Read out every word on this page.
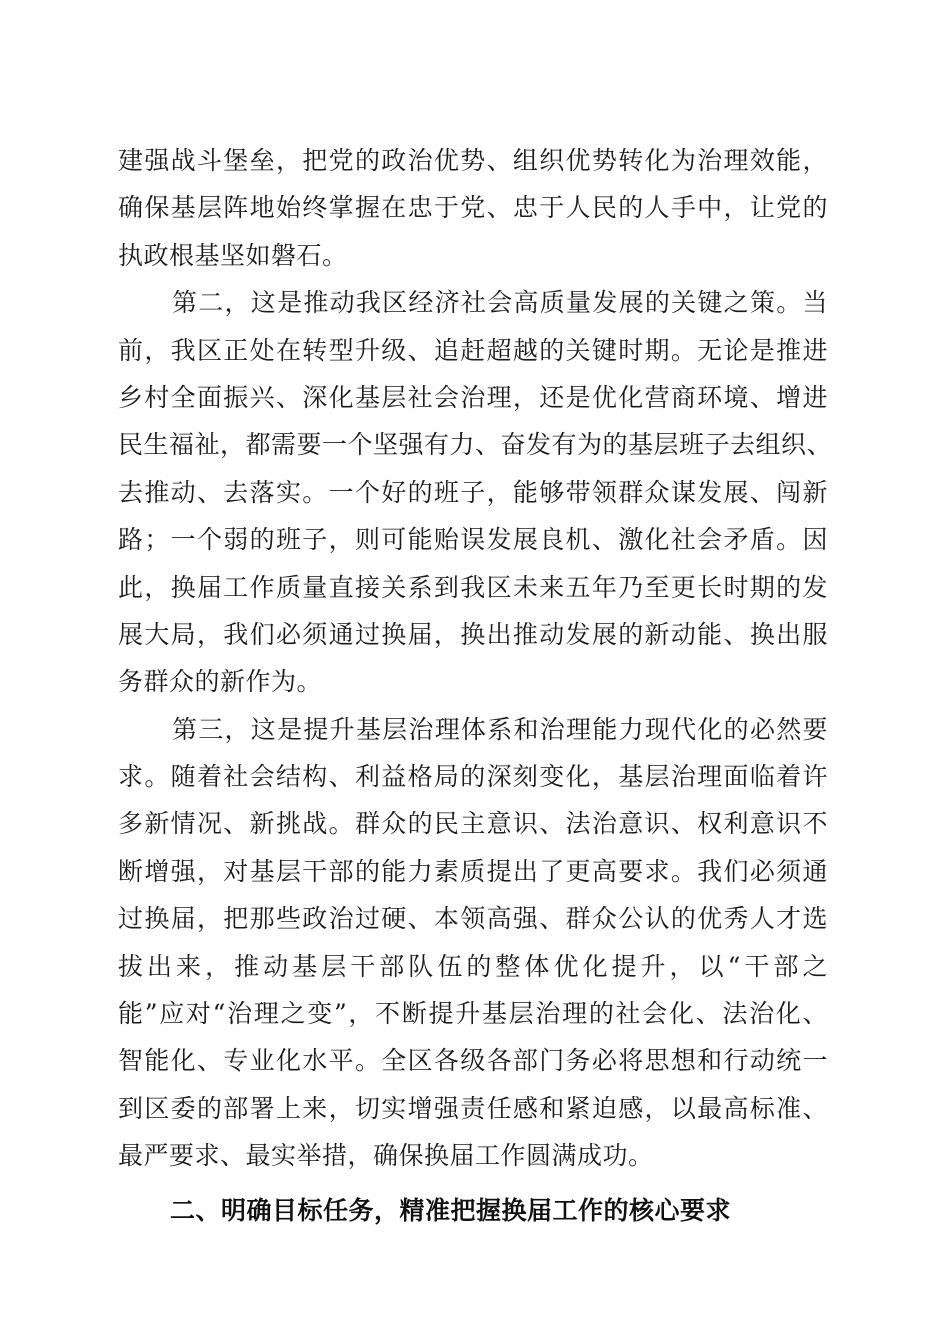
建强战斗堡垒，把党的政治优势、组织优势转化为治理效能，
确保基层阵地始终掌握在忠于党、忠于人民的人手中，让党的
执政根基坚如磐石。
第二，这是推动我区经济社会高质量发展的关键之策。当
前，我区正处在转型升级、追赶超越的关键时期。无论是推进
乡村全面振兴、深化基层社会治理，还是优化营商环境、增进
民生福祉，都需要一个坚强有力、奋发有为的基层班子去组织、
去推动、去落实。一个好的班子，能够带领群众谋发展、闯新
路；一个弱的班子，则可能贻误发展良机、激化社会矛盾。因
此，换届工作质量直接关系到我区未来五年乃至更长时期的发
展大局，我们必须通过换届，换出推动发展的新动能、换出服
务群众的新作为。
第三，这是提升基层治理体系和治理能力现代化的必然要
求。随着社会结构、利益格局的深刻变化，基层治理面临着许
多新情况、新挑战。群众的民主意识、法治意识、权利意识不
断增强，对基层干部的能力素质提出了更高要求。我们必须通
过换届，把那些政治过硬、本领高强、群众公认的优秀人才选
拔出来，推动基层干部队伍的整体优化提升，以“干部之
能”应对“治理之变”，不断提升基层治理的社会化、法治化、
智能化、专业化水平。全区各级各部门务必将思想和行动统一
到区委的部署上来，切实增强责任感和紧迫感，以最高标准、
最严要求、最实举措，确保换届工作圆满成功。
二、明确目标任务，精准把握换届工作的核心要求
